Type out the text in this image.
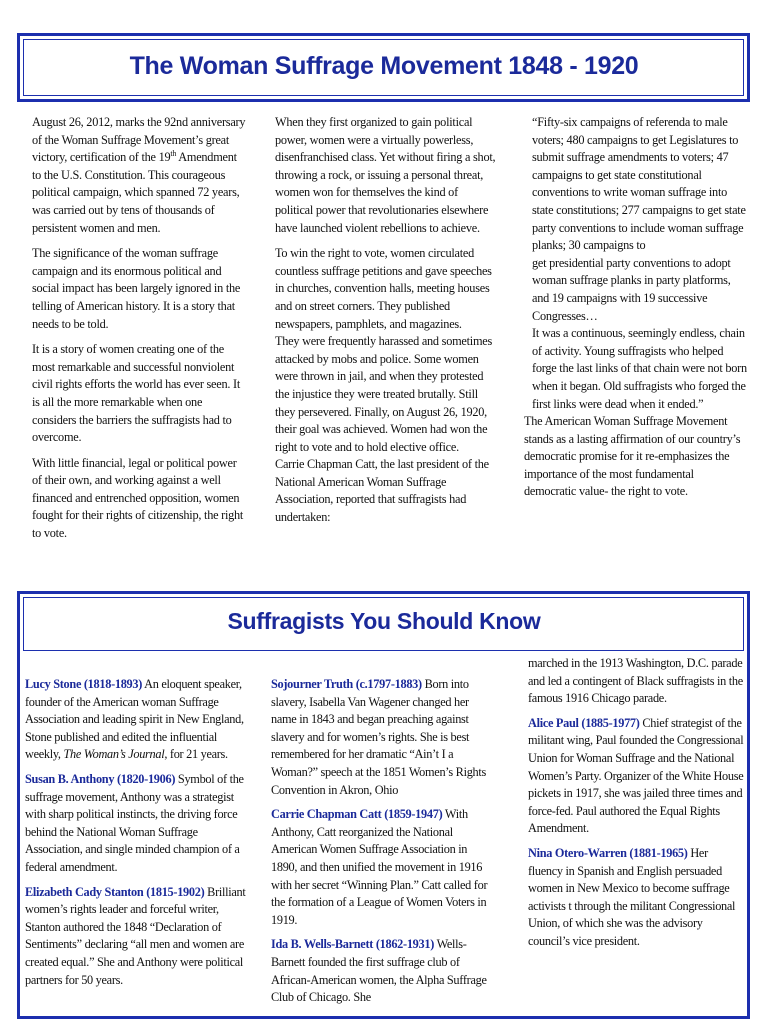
The Woman Suffrage Movement 1848 - 1920

August 26, 2012, marks the 92nd anniversary of the Woman Suffrage Movement’s great victory, certification of the 19th Amendment to the U.S. Constitution. This courageous political campaign, which spanned 72 years, was carried out by tens of thousands of persistent women and men.

The significance of the woman suffrage campaign and its enormous political and social impact has been largely ignored in the telling of American history. It is a story that needs to be told.

It is a story of women creating one of the most remarkable and successful nonviolent civil rights efforts the world has ever seen. It is all the more remarkable when one considers the barriers the suffragists had to overcome.

With little financial, legal or political power of their own, and working against a well financed and entrenched opposition, women fought for their rights of citizenship, the right to vote.

When they first organized to gain political power, women were a virtually powerless, disenfranchised class. Yet without firing a shot, throwing a rock, or issuing a personal threat, women won for themselves the kind of political power that revolutionaries elsewhere have launched violent rebellions to achieve.

To win the right to vote, women circulated countless suffrage petitions and gave speeches in churches, convention halls, meeting houses and on street corners. They published newspapers, pamphlets, and magazines.

They were frequently harassed and sometimes attacked by mobs and police. Some women were thrown in jail, and when they protested the injustice they were treated brutally. Still they persevered. Finally, on August 26, 1920, their goal was achieved. Women had won the right to vote and to hold elective office.

Carrie Chapman Catt, the last president of the National American Woman Suffrage Association, reported that suffragists had undertaken:

“Fifty-six campaigns of referenda to male voters; 480 campaigns to get Legislatures to submit suffrage amendments to voters; 47 campaigns to get state constitutional conventions to write woman suffrage into state constitutions; 277 campaigns to get state party conventions to include woman suffrage planks; 30 campaigns to

get presidential party conventions to adopt woman suffrage planks in party platforms, and 19 campaigns with 19 successive Congresses…

It was a continuous, seemingly endless, chain of activity. Young suffragists who helped forge the last links of that chain were not born when it began. Old suffragists who forged the first links were dead when it ended.”

The American Woman Suffrage Movement stands as a lasting affirmation of our country’s democratic promise for it re-emphasizes the importance of the most fundamental democratic value- the right to vote.

Suffragists You Should Know

Lucy Stone (1818-1893) An eloquent speaker, founder of the American woman Suffrage Association and leading spirit in New England, Stone published and edited the influential weekly, The Woman’s Journal, for 21 years.

Susan B. Anthony (1820-1906) Symbol of the suffrage movement, Anthony was a strategist with sharp political instincts, the driving force behind the National Woman Suffrage Association, and single minded champion of a federal amendment.

Elizabeth Cady Stanton (1815-1902) Brilliant women’s rights leader and forceful writer, Stanton authored the 1848 “Declaration of Sentiments” declaring “all men and women are created equal.” She and Anthony were political partners for 50 years.

Sojourner Truth (c.1797-1883) Born into slavery, Isabella Van Wagener changed her name in 1843 and began preaching against slavery and for women’s rights. She is best remembered for her dramatic “Ain’t I a Woman?” speech at the 1851 Women’s Rights Convention in Akron, Ohio

Carrie Chapman Catt (1859-1947) With Anthony, Catt reorganized the National American Women Suffrage Association in 1890, and then unified the movement in 1916 with her secret “Winning Plan.” Catt called for the formation of a League of Women Voters in 1919.

Ida B. Wells-Barnett (1862-1931) Wells-Barnett founded the first suffrage club of African-American women, the Alpha Suffrage Club of Chicago. She

marched in the 1913 Washington, D.C. parade and led a contingent of Black suffragists in the famous 1916 Chicago parade.

Alice Paul (1885-1977) Chief strategist of the militant wing, Paul founded the Congressional Union for Woman Suffrage and the National Women’s Party. Organizer of the White House pickets in 1917, she was jailed three times and force-fed. Paul authored the Equal Rights Amendment.

Nina Otero-Warren (1881-1965) Her fluency in Spanish and English persuaded women in New Mexico to become suffrage activists t through the militant Congressional Union, of which she was the advisory council’s vice president.
